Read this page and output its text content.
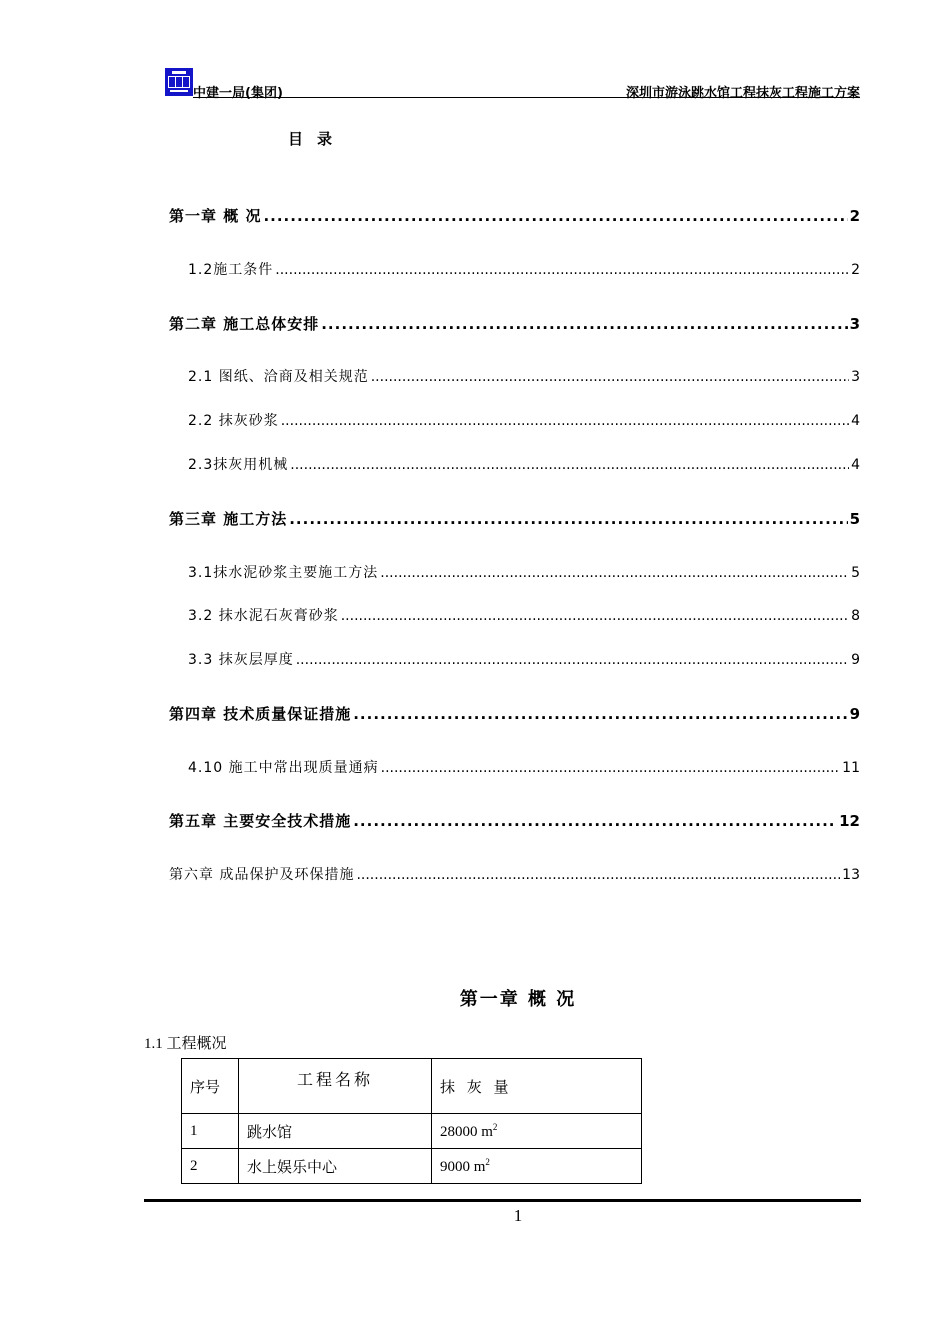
中建一局(集团)	深圳市游泳跳水馆工程抹灰工程施工方案
目录
第一章 概 况 .....	2
1.2施工条件 .....	2
第二章 施工总体安排 .....	3
2.1 图纸、洽商及相关规范 .....	3
2.2 抹灰砂浆 .....	4
2.3抹灰用机械 .....	4
第三章 施工方法 .....	5
3.1抹水泥砂浆主要施工方法 .....	5
3.2 抹水泥石灰膏砂浆 .....	8
3.3 抹灰层厚度 .....	9
第四章 技术质量保证措施 .....	9
4.10 施工中常出现质量通病 .....	11
第五章 主要安全技术措施 .....	12
第六章 成品保护及环保措施 .....	13
第一章 概 况
1.1 工程概况
序号	工程名称	抹 灰 量
1	跳水馆	28000 $m^2$
2	水上娱乐中心	9000 $m^2$
1
